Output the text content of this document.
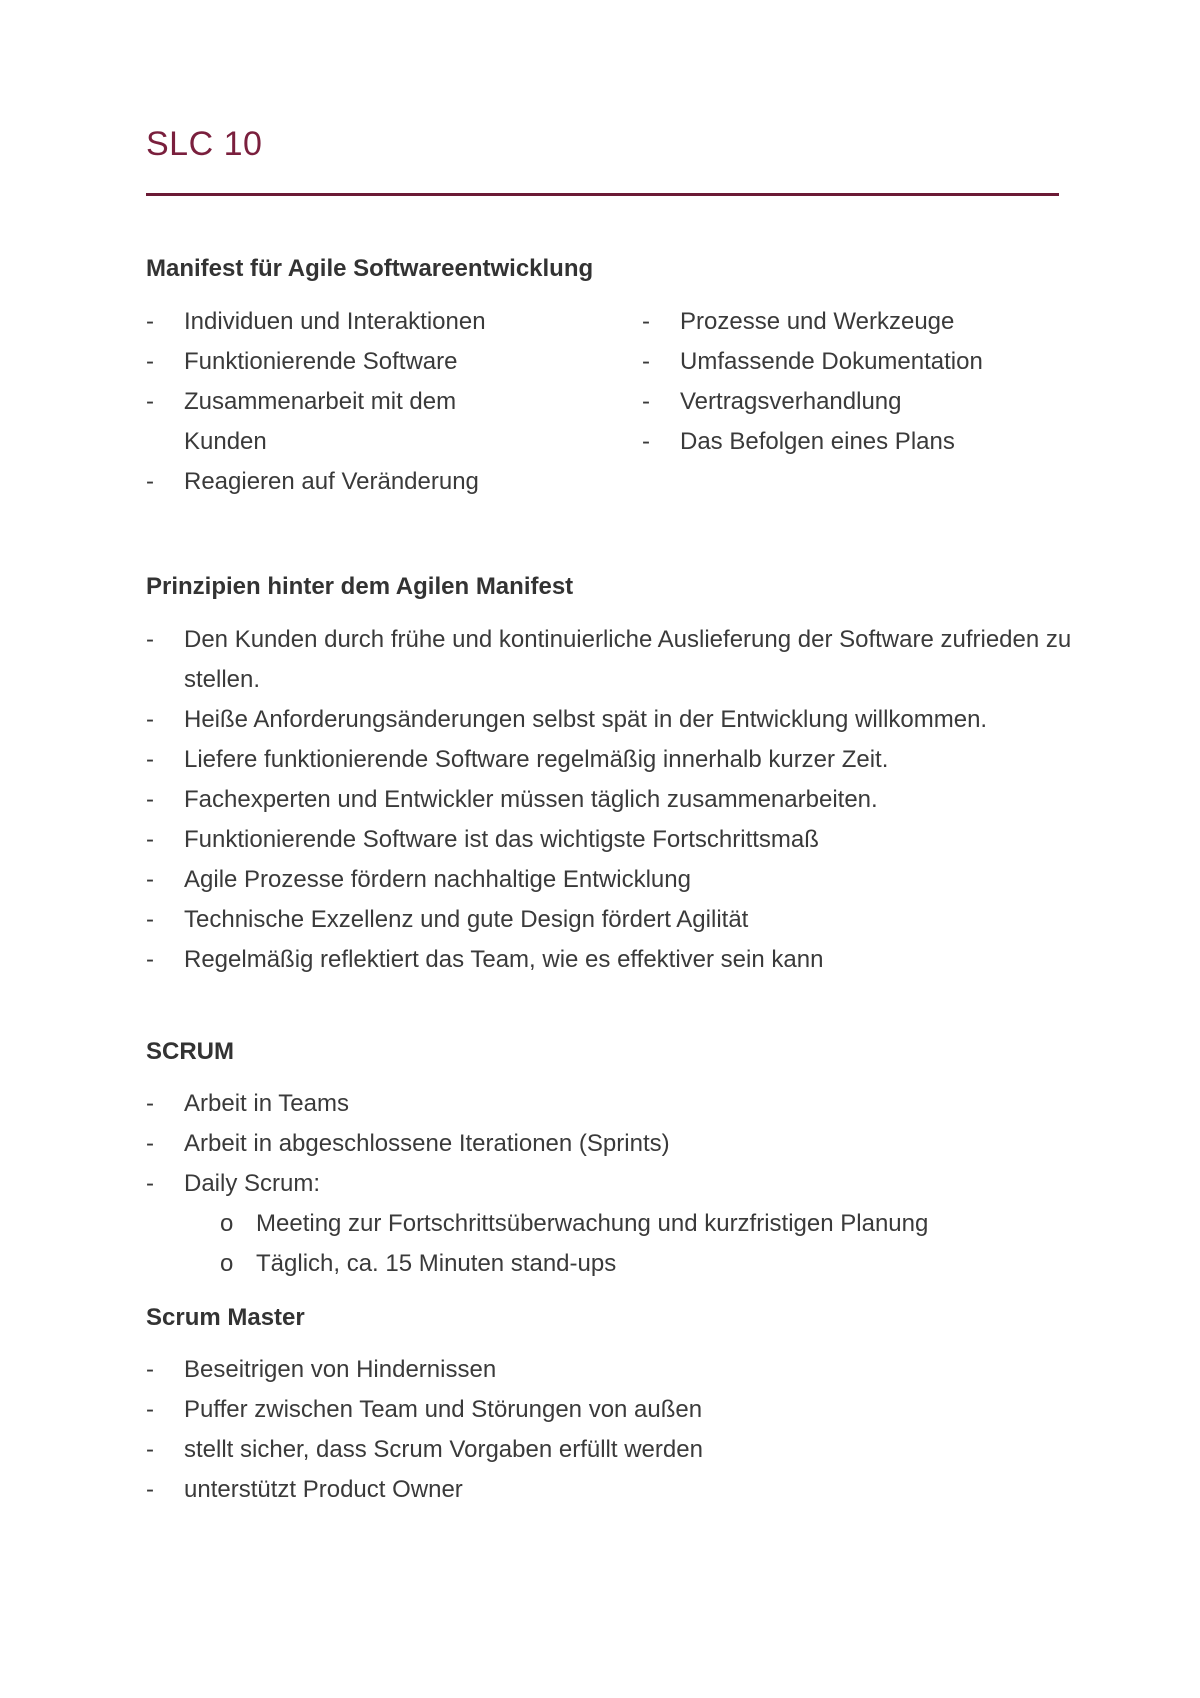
SLC 10
Manifest für Agile Softwareentwicklung
- Individuen und Interaktionen
- Funktionierende Software
- Zusammenarbeit mit dem Kunden
- Reagieren auf Veränderung
- Prozesse und Werkzeuge
- Umfassende Dokumentation
- Vertragsverhandlung
- Das Befolgen eines Plans
Prinzipien hinter dem Agilen Manifest
- Den Kunden durch frühe und kontinuierliche Auslieferung der Software zufrieden zu stellen.
- Heiße Anforderungsänderungen selbst spät in der Entwicklung willkommen.
- Liefere funktionierende Software regelmäßig innerhalb kurzer Zeit.
- Fachexperten und Entwickler müssen täglich zusammenarbeiten.
- Funktionierende Software ist das wichtigste Fortschrittsmaß
- Agile Prozesse fördern nachhaltige Entwicklung
- Technische Exzellenz und gute Design fördert Agilität
- Regelmäßig reflektiert das Team, wie es effektiver sein kann
SCRUM
- Arbeit in Teams
- Arbeit in abgeschlossene Iterationen (Sprints)
- Daily Scrum:
o Meeting zur Fortschrittsüberwachung und kurzfristigen Planung
o Täglich, ca. 15 Minuten stand-ups
Scrum Master
- Beseitrigen von Hindernissen
- Puffer zwischen Team und Störungen von außen
- stellt sicher, dass Scrum Vorgaben erfüllt werden
- unterstützt Product Owner
